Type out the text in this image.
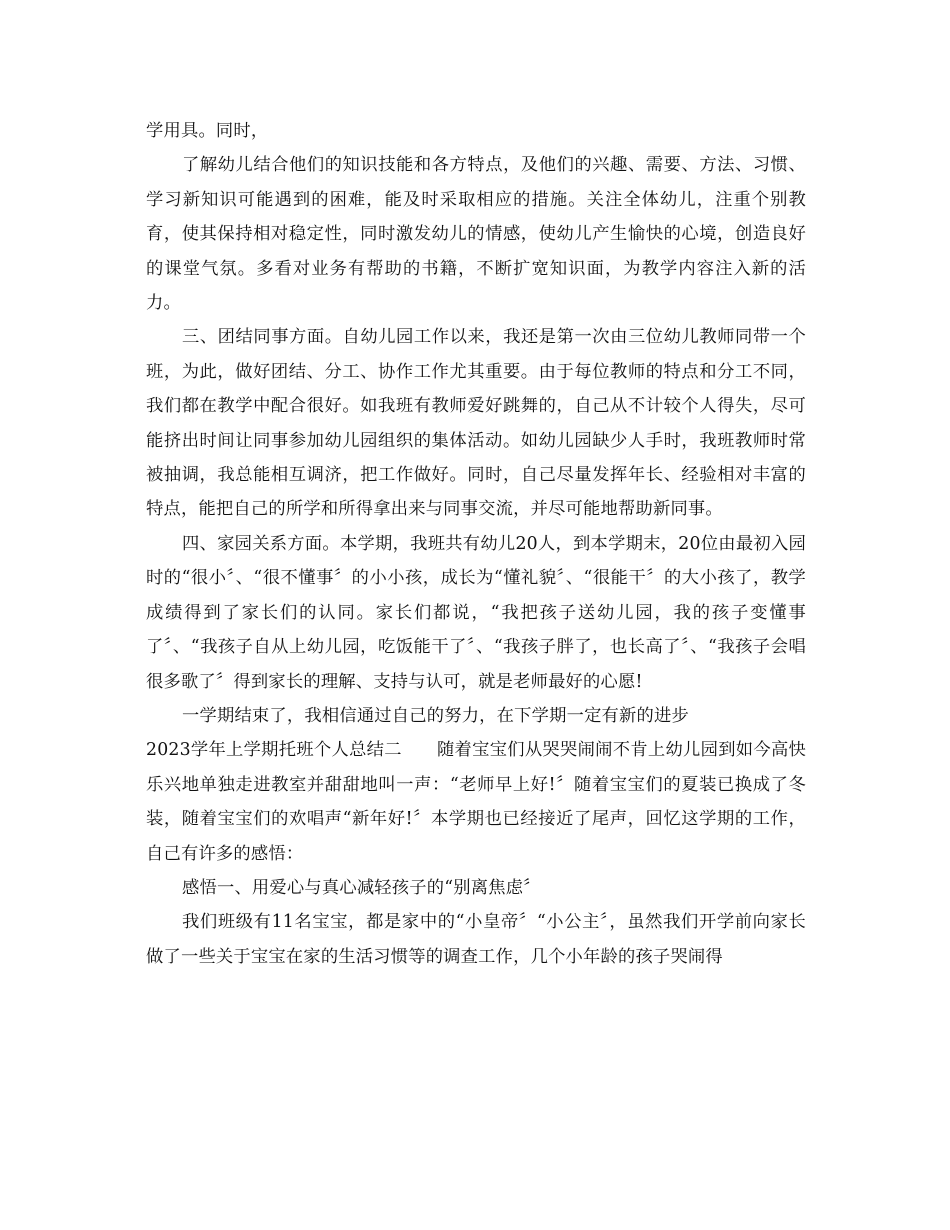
学用具。同时，

了解幼儿结合他们的知识技能和各方特点，及他们的兴趣、需要、方法、习惯、学习新知识可能遇到的困难，能及时采取相应的措施。关注全体幼儿，注重个别教育，使其保持相对稳定性，同时激发幼儿的情感，使幼儿产生愉快的心境，创造良好的课堂气氛。多看对业务有帮助的书籍，不断扩宽知识面，为教学内容注入新的活力。

三、团结同事方面。自幼儿园工作以来，我还是第一次由三位幼儿教师同带一个班，为此，做好团结、分工、协作工作尤其重要。由于每位教师的特点和分工不同，我们都在教学中配合很好。如我班有教师爱好跳舞的，自己从不计较个人得失，尽可能挤出时间让同事参加幼儿园组织的集体活动。如幼儿园缺少人手时，我班教师时常被抽调，我总能相互调济，把工作做好。同时，自己尽量发挥年长、经验相对丰富的特点，能把自己的所学和所得拿出来与同事交流，并尽可能地帮助新同事。

四、家园关系方面。本学期，我班共有幼儿20人，到本学期末，20位由最初入园时的“很小〞、“很不懂事〞的小小孩，成长为“懂礼貌〞、“很能干〞的大小孩了，教学成绩得到了家长们的认同。家长们都说，“我把孩子送幼儿园，我的孩子变懂事了〞、“我孩子自从上幼儿园，吃饭能干了〞、“我孩子胖了，也长高了〞、“我孩子会唱很多歌了〞得到家长的理解、支持与认可，就是老师最好的心愿!

一学期结束了，我相信通过自己的努力，在下学期一定有新的进步

2023学年上学期托班个人总结二　　随着宝宝们从哭哭闹闹不肯上幼儿园到如今高快乐兴地单独走进教室并甜甜地叫一声：“老师早上好!〞随着宝宝们的夏装已换成了冬装，随着宝宝们的欢唱声“新年好!〞本学期也已经接近了尾声，回忆这学期的工作，自己有许多的感悟：

感悟一、用爱心与真心减轻孩子的“别离焦虑〞

我们班级有11名宝宝，都是家中的“小皇帝〞“小公主〞，虽然我们开学前向家长做了一些关于宝宝在家的生活习惯等的调查工作，几个小年龄的孩子哭闹得
